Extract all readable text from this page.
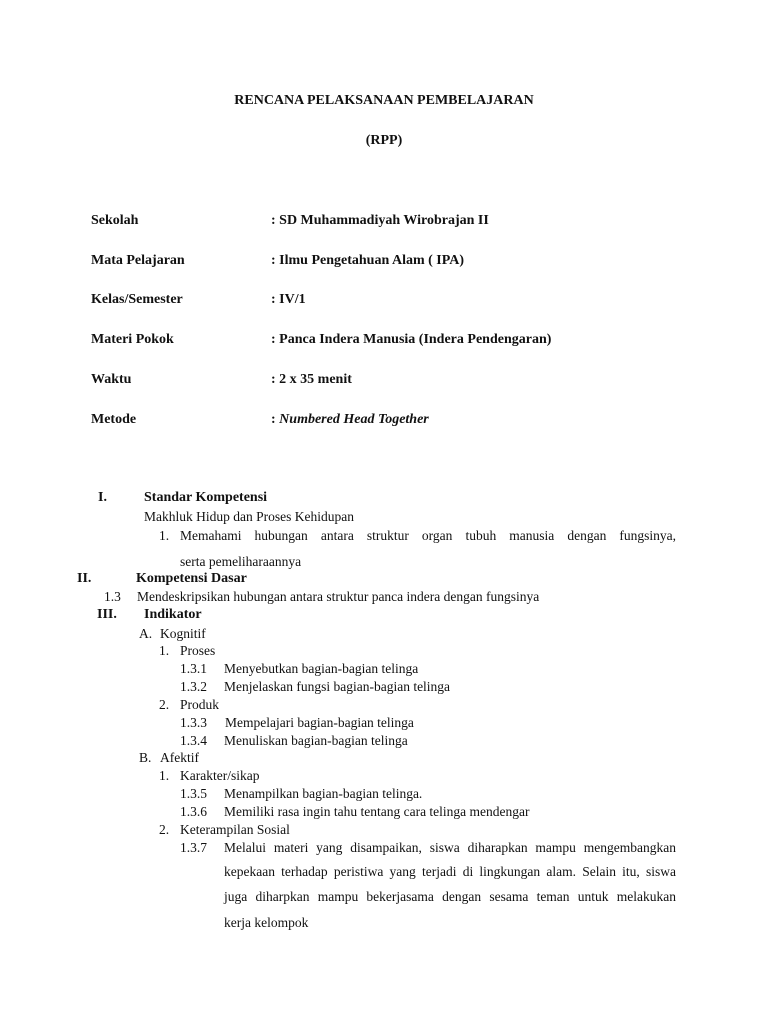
RENCANA PELAKSANAAN PEMBELAJARAN
(RPP)
Sekolah	: SD Muhammadiyah Wirobrajan II
Mata Pelajaran	: Ilmu Pengetahuan Alam ( IPA)
Kelas/Semester	: IV/1
Materi Pokok	: Panca Indera Manusia (Indera Pendengaran)
Waktu	: 2 x 35 menit
Metode	: Numbered Head Together
I.	Standar Kompetensi
Makhluk Hidup dan Proses Kehidupan
1. Memahami hubungan antara struktur organ tubuh manusia dengan fungsinya,
serta pemeliharaannya
II.	Kompetensi Dasar
1.3 Mendeskripsikan hubungan antara struktur panca indera dengan fungsinya
III. Indikator
A. Kognitif
1. Proses
1.3.1 Menyebutkan bagian-bagian telinga
1.3.2 Menjelaskan fungsi bagian-bagian telinga
2. Produk
1.3.3 Mempelajari bagian-bagian telinga
1.3.4 Menuliskan bagian-bagian telinga
B. Afektif
1. Karakter/sikap
1.3.5 Menampilkan bagian-bagian telinga.
1.3.6 Memiliki rasa ingin tahu tentang cara telinga mendengar
2. Keterampilan Sosial
1.3.7 Melalui materi yang disampaikan, siswa diharapkan mampu mengembangkan
kepekaan terhadap peristiwa yang terjadi di lingkungan alam. Selain itu, siswa
juga diharpkan mampu bekerjasama dengan sesama teman untuk melakukan
kerja kelompok
